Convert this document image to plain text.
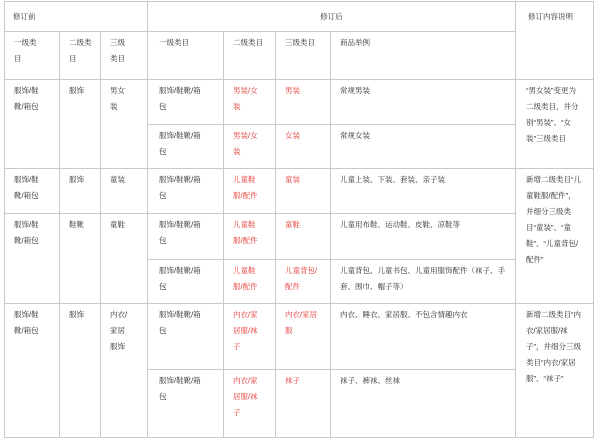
修订前			修订后				修订内容说明
一级类目	二级类目	三级类目	一级类目	二级类目	三级类目	商品举例	
服饰/鞋靴/箱包	服饰	男女装	服饰/鞋靴/箱包	男装/女装	男装	常规男装	“男女装”变更为二级类目，并分别“男装”、“女装”三级类目
			服饰/鞋靴/箱包	男装/女装	女装	常规女装	
服饰/鞋靴/箱包	服饰	童装	服饰/鞋靴/箱包	儿童鞋服/配件	童装	儿童上装、下装、套装、亲子装	新增二级类目“儿童鞋服/配件”，并细分三级类目“童装”、“童鞋”、“儿童背包/配件”
服饰/鞋靴/箱包	鞋靴	童鞋	服饰/鞋靴/箱包	儿童鞋服/配件	童鞋	儿童用布鞋、运动鞋、皮鞋、凉鞋等	
			服饰/鞋靴/箱包	儿童鞋服/配件	儿童背包/配件	儿童背包、儿童书包、儿童用服饰配件（袜子、手套、围巾、帽子等）	
服饰/鞋靴/箱包	服饰	内衣/家居服饰	服饰/鞋靴/箱包	内衣/家居服/袜子	内衣/家居服	内衣、睡衣、家居服、不包含情趣内衣	新增二级类目“内衣/家居服/袜子”，并细分三级类目“内衣/家居服”、“袜子”
			服饰/鞋靴/箱包	内衣/家居服/袜子	袜子	袜子、裤袜、丝袜	
